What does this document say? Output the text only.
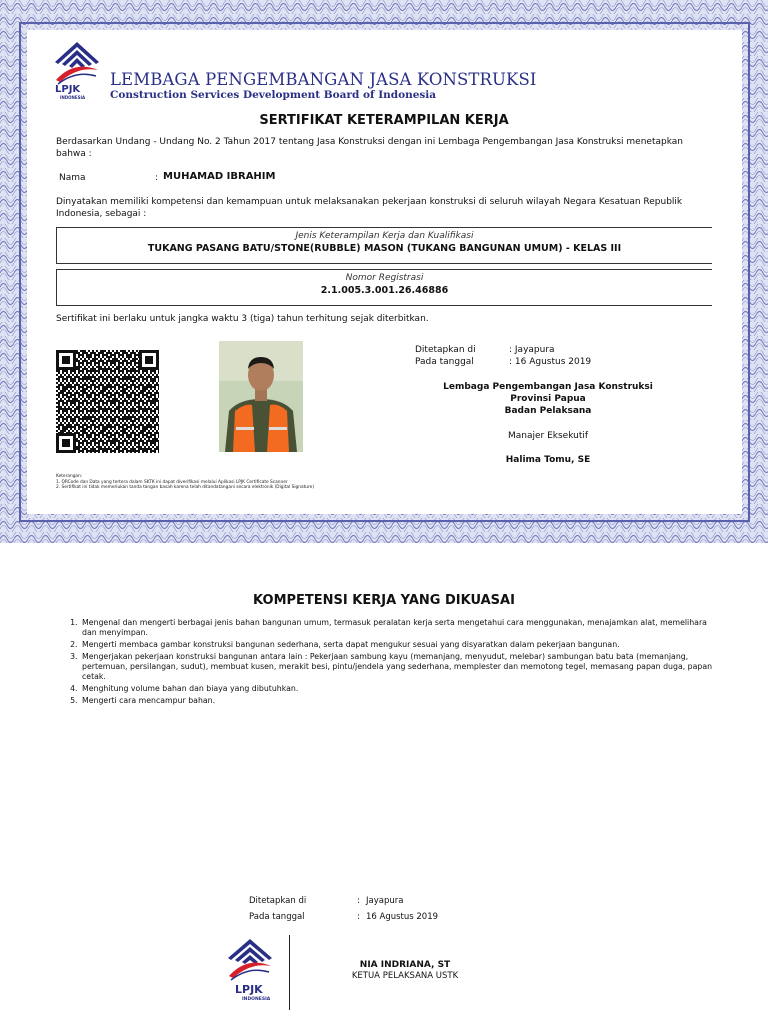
LPJK
INDONESIA
LEMBAGA PENGEMBANGAN JASA KONSTRUKSI
Construction Services Development Board of Indonesia
SERTIFIKAT KETERAMPILAN KERJA
Berdasarkan Undang - Undang No. 2 Tahun 2017 tentang Jasa Konstruksi dengan ini Lembaga Pengembangan Jasa Konstruksi menetapkan bahwa :
Nama	: MUHAMAD IBRAHIM
Dinyatakan memiliki kompetensi dan kemampuan untuk melaksanakan pekerjaan konstruksi di seluruh wilayah Negara Kesatuan Republik Indonesia, sebagai :
Jenis Keterampilan Kerja dan Kualifikasi
TUKANG PASANG BATU/STONE(RUBBLE) MASON (TUKANG BANGUNAN UMUM) - KELAS III
Nomor Registrasi
2.1.005.3.001.26.46886
Sertifikat ini berlaku untuk jangka waktu 3 (tiga) tahun terhitung sejak diterbitkan.
Keterangan:
1. QRCode dan Data yang tertera dalam SKTK ini dapat diverifikasi melalui Aplikasi LPJK Certificate Scanner
2. Sertifikat ini tidak memerlukan tanda tangan basah karena telah ditandatangani secara elektronik (Digital Signature)
Ditetapkan di	: Jayapura
Pada tanggal	: 16 Agustus 2019
Lembaga Pengembangan Jasa Konstruksi
Provinsi Papua
Badan Pelaksana
Manajer Eksekutif
Halima Tomu, SE
KOMPETENSI KERJA YANG DIKUASAI
1. Mengenal dan mengerti berbagai jenis bahan bangunan umum, termasuk peralatan kerja serta mengetahui cara menggunakan, menajamkan alat, memelihara dan menyimpan.
2. Mengerti membaca gambar konstruksi bangunan sederhana, serta dapat mengukur sesuai yang disyaratkan dalam pekerjaan bangunan.
3. Mengerjakan pekerjaan konstruksi bangunan antara lain : Pekerjaan sambung kayu (memanjang, menyudut, melebar) sambungan batu bata (memanjang, pertemuan, persilangan, sudut), membuat kusen, merakit besi, pintu/jendela yang sederhana, memplester dan memotong tegel, memasang papan duga, papan cetak.
4. Menghitung volume bahan dan biaya yang dibutuhkan.
5. Mengerti cara mencampur bahan.
Ditetapkan di	: Jayapura
Pada tanggal	: 16 Agustus 2019
LPJK
INDONESIA
NIA INDRIANA, ST
KETUA PELAKSANA USTK
